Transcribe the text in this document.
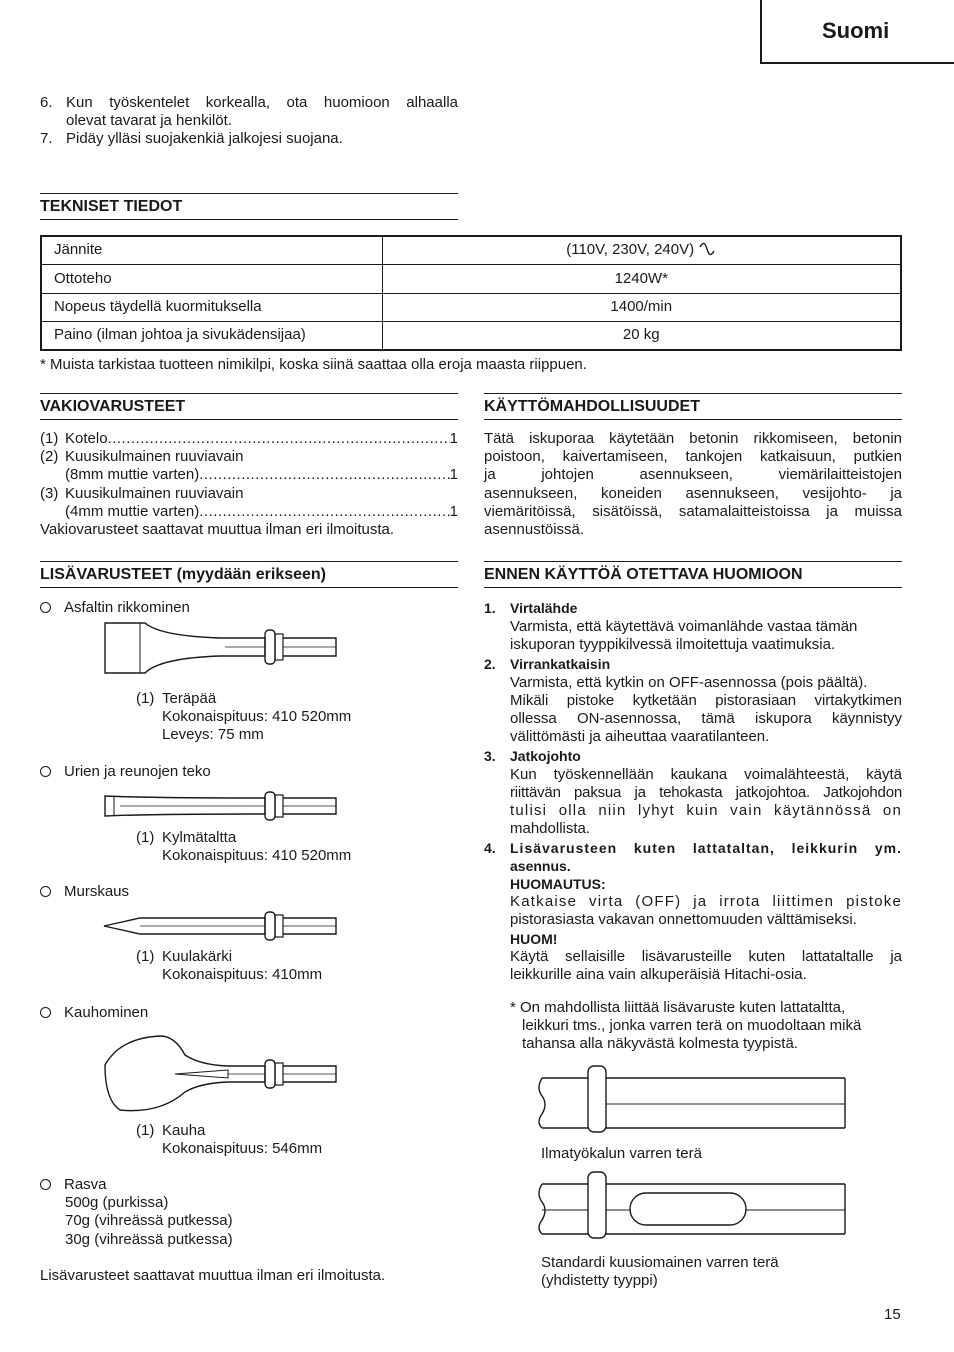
Suomi
6. Kun työskentelet korkealla, ota huomioon alhaalla
olevat tavarat ja henkilöt.
7. Pidäy ylläsi suojakenkiä jalkojesi suojana.
TEKNISET TIEDOT
Jännite	(110V, 230V, 240V)
Ottoteho	1240W*
Nopeus täydellä kuormituksella	1400/min
Paino (ilman johtoa ja sivukädensijaa)	20 kg
* Muista tarkistaa tuotteen nimikilpi, koska siinä saattaa olla eroja maasta riippuen.
VAKIOVARUSTEET
(1) Kotelo .....	1
(2) Kuusikulmainen ruuviavain
(8mm muttie varten) .....	1
(3) Kuusikulmainen ruuviavain
(4mm muttie varten) .....	1
Vakiovarusteet saattavat muuttua ilman eri ilmoitusta.
LISÄVARUSTEET (myydään erikseen)
Asfaltin rikkominen
(1) Teräpää
Kokonaispituus: 410 520mm
Leveys: 75 mm
Urien ja reunojen teko
(1) Kylmätaltta
Kokonaispituus: 410 520mm
Murskaus
(1) Kuulakärki
Kokonaispituus: 410mm
Kauhominen
(1) Kauha
Kokonaispituus: 546mm
Rasva
500g (purkissa)
70g (vihreässä putkessa)
30g (vihreässä putkessa)
Lisävarusteet saattavat muuttua ilman eri ilmoitusta.
KÄYTTÖMAHDOLLISUUDET
Tätä iskuporaa käytetään betonin rikkomiseen, betonin
poistoon, kaivertamiseen, tankojen katkaisuun, putkien
ja johtojen asennukseen, viemärilaitteistojen
asennukseen, koneiden asennukseen, vesijohto- ja
viemäritöissä, sisätöissä, satamalaitteistoissa ja muissa
asennustöissä.
ENNEN KÄYTTÖÄ OTETTAVA HUOMIOON
1. Virtalähde
Varmista, että käytettävä voimanlähde vastaa tämän
iskuporan tyyppikilvessä ilmoitettuja vaatimuksia.
2. Virrankatkaisin
Varmista, että kytkin on OFF-asennossa (pois päältä).
Mikäli pistoke kytketään pistorasiaan virtakytkimen
ollessa ON-asennossa, tämä iskupora käynnistyy
välittömästi ja aiheuttaa vaaratilanteen.
3. Jatkojohto
Kun työskennellään kaukana voimalähteestä, käytä
riittävän paksua ja tehokasta jatkojohtoa. Jatkojohdon
tulisi olla niin lyhyt kuin vain käytännössä on
mahdollista.
4.	Lisävarusteen kuten lattataltan, leikkurin ym.
asennus.
HUOMAUTUS:
Katkaise virta (OFF) ja irrota liittimen pistoke
pistorasiasta vakavan onnettomuuden välttämiseksi.
HUOM!
Käytä sellaisille lisävarusteille kuten lattataltalle ja
leikkurille aina vain alkuperäisiä Hitachi-osia.
* On mahdollista liittää lisävaruste kuten lattataltta,
leikkuri tms., jonka varren terä on muodoltaan mikä
tahansa alla näkyvästä kolmesta tyypistä.
Ilmatyökalun varren terä
Standardi kuusiomainen varren terä
(yhdistetty tyyppi)
15
